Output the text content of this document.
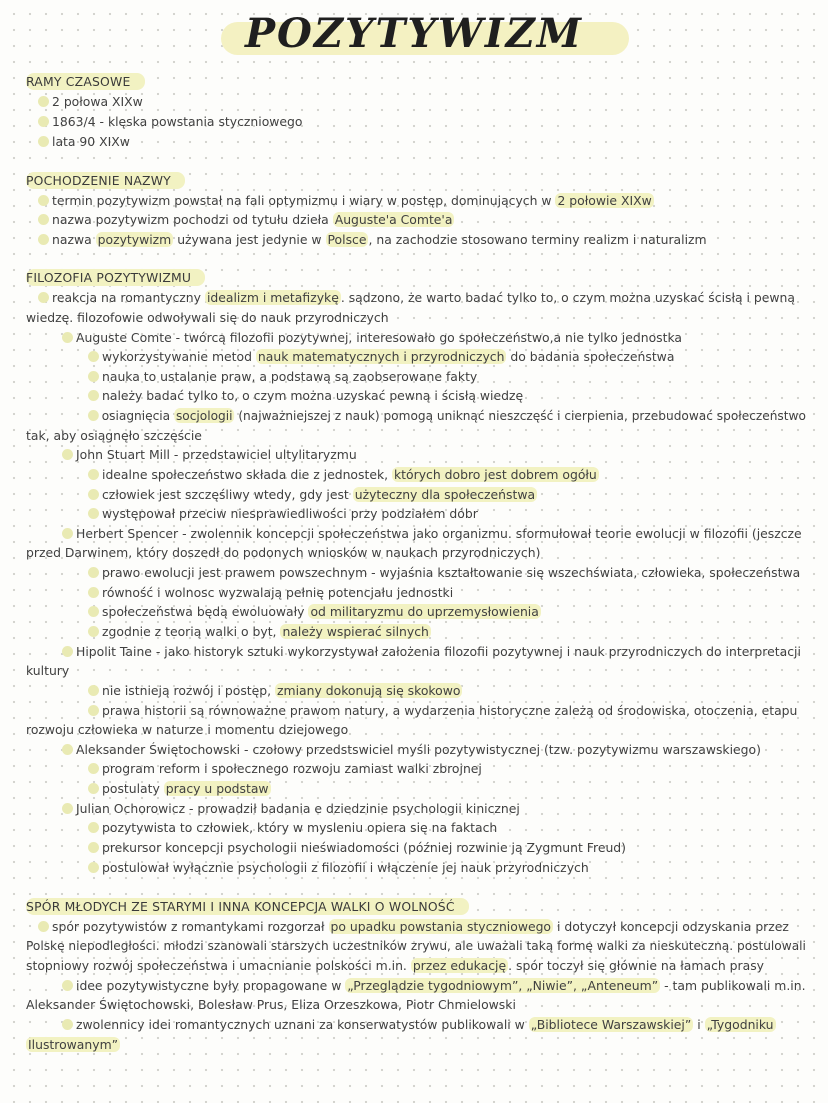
POZYTYWIZM
RAMY CZASOWE
2 połowa XIXw
1863/4 - klęska powstania styczniowego
lata 90 XIXw
POCHODZENIE NAZWY
termin pozytywizm powstał na fali optymizmu i wiary w postęp, dominujących w 2 połowie XIXw
nazwa pozytywizm pochodzi od tytułu dzieła Auguste'a Comte'a
nazwa pozytywizm używana jest jedynie w Polsce , na zachodzie stosowano terminy realizm i naturalizm
FILOZOFIA POZYTYWIZMU
reakcja na romantyczny idealizm i metafizykę . sądzono, że warto badać tylko to, o czym można uzyskać ścisłą i pewną
wiedzę. filozofowie odwoływali się do nauk przyrodniczych
Auguste Comte - twórcą filozofii pozytywnej, interesowało go społeczeństwo,a nie tylko jednostka
wykorzystywanie metod nauk matematycznych i przyrodniczych do badania społeczeństwa
nauka to ustalanie praw, a podstawą są zaobserowane fakty
należy badać tylko to, o czym można uzyskać pewną i ścisłą wiedzę
osiagnięcia socjologii (najważniejszej z nauk) pomogą uniknąć nieszczęść i cierpienia, przebudować społeczeństwo
tak, aby osiągnęło szczęście
John Stuart Mill - przedstawiciel ultylitaryzmu
idealne społeczeństwo składa die z jednostek, których dobro jest dobrem ogółu
człowiek jest szczęśliwy wtedy, gdy jest użyteczny dla społeczeństwa
występował przeciw niesprawiedliwości przy podziałem dóbr
Herbert Spencer - zwolennik koncepcji społeczeństwa jako organizmu. sformułował teorie ewolucji w filozofii (jeszcze
przed Darwinem, który doszedł do podonych wniosków w naukach przyrodniczych)
prawo ewolucji jest prawem powszechnym - wyjaśnia kształtowanie się wszechświata, człowieka, społeczeństwa
równość i wolnosc wyzwalają pełnię potencjału jednostki
społeczeństwa będą ewoluowały od militaryzmu do uprzemysłowienia
zgodnie z teorią walki o byt, należy wspierać silnych
Hipolit Taine - jako historyk sztuki wykorzystywał założenia filozofii pozytywnej i nauk przyrodniczych do interpretacji
kultury
nie istnieją rozwój i postęp, zmiany dokonują się skokowo
prawa historii są równoważne prawom natury, a wydarzenia historyczne zależą od środowiska, otoczenia, etapu
rozwoju człowieka w naturze i momentu dziejowego
Aleksander Świętochowski - czołowy przedstswiciel myśli pozytywistycznej (tzw. pozytywizmu warszawskiego)
program reform i społecznego rozwoju zamiast walki zbrojnej
postulaty pracy u podstaw
Julian Ochorowicz - prowadził badania e dziedzinie psychologii kinicznej
pozytywista to człowiek, który w mysleniu opiera się na faktach
prekursor koncepcji psychologii nieświadomości (później rozwinie ją Zygmunt Freud)
postulował wyłącznie psychologii z filozofii i włączenie jej nauk przyrodniczych
SPÓR MŁODYCH ZE STARYMI I INNA KONCEPCJA WALKI O WOLNOŚĆ
spór pozytywistów z romantykami rozgorzał po upadku powstania styczniowego i dotyczył koncepcji odzyskania przez
Polskę niepodległości. młodzi szanowali starszych uczestników zrywu, ale uważali taką formę walki za nieskuteczną. postulowali
stopniowy rozwój społeczeństwa i umacnianie polskości m.in. przez edukację . spór toczył się głównie na łamach prasy
idee pozytywistyczne były propagowane w „Przeglądzie tygodniowym”, „Niwie”, „Anteneum” - tam publikowali m.in.
Aleksander Świętochowski, Bolesław Prus, Eliza Orzeszkowa, Piotr Chmielowski
zwolennicy idei romantycznych uznani za konserwatystów publikowali w „Bibliotece Warszawskiej” i „Tygodniku
Ilustrowanym”
